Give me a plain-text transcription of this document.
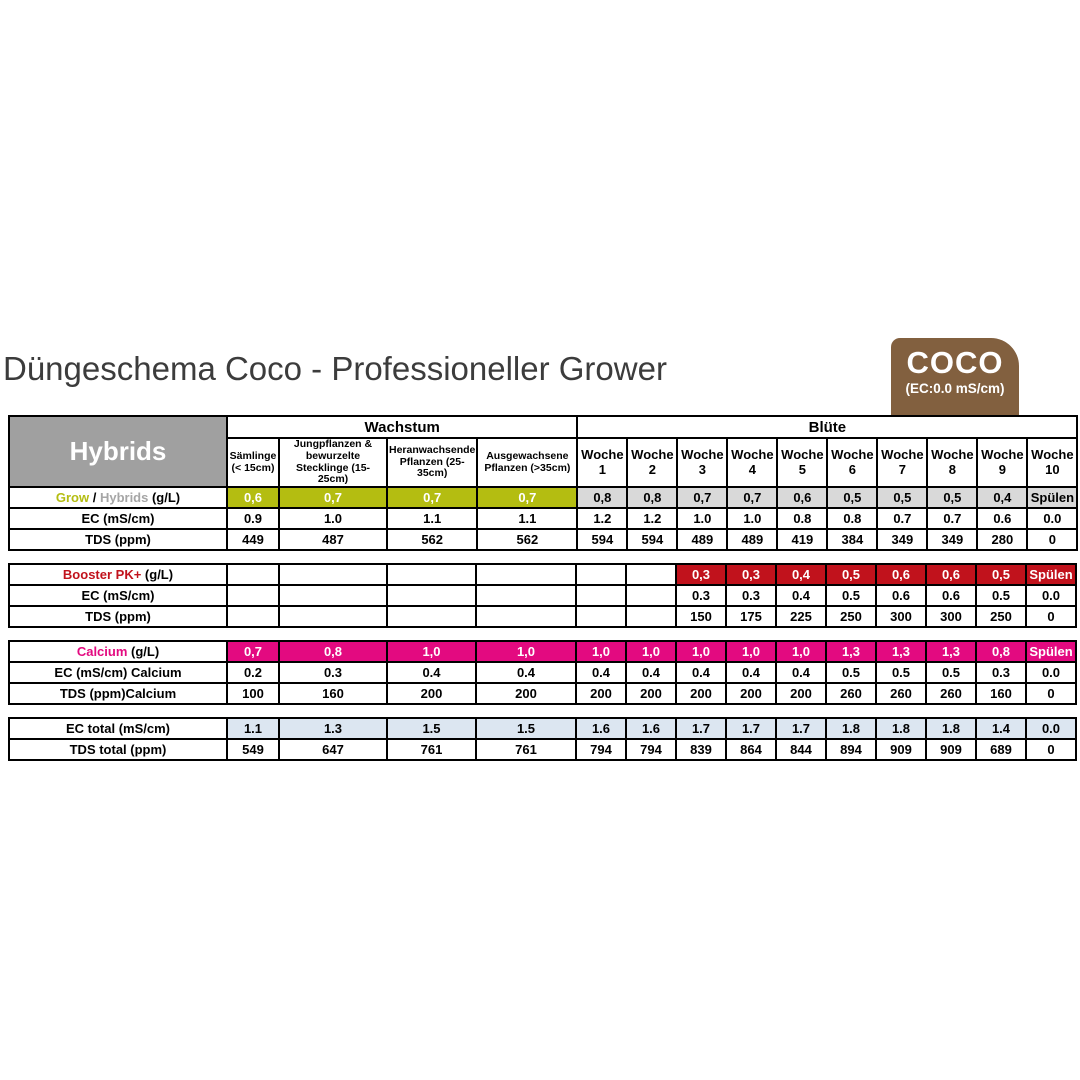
Düngeschema Coco - Professioneller Grower	COCO
(EC:0.0 mS/cm)
Hybrids	Wachstum				Blüte									
	Sämlinge (< 15cm)	Jungpflanzen & bewurzelte Stecklinge (15-25cm)	Heranwachsende Pflanzen (25-35cm)	Ausgewachsene Pflanzen (>35cm)	Woche 1	Woche 2	Woche 3	Woche 4	Woche 5	Woche 6	Woche 7	Woche 8	Woche 9	Woche 10
Grow / Hybrids (g/L)	0,6	0,7	0,7	0,7	0,8	0,8	0,7	0,7	0,6	0,5	0,5	0,5	0,4	Spülen
EC (mS/cm)	0.9	1.0	1.1	1.1	1.2	1.2	1.0	1.0	0.8	0.8	0.7	0.7	0.6	0.0
TDS (ppm)	449	487	562	562	594	594	489	489	419	384	349	349	280	0
Booster PK+ (g/L)							0,3	0,3	0,4	0,5	0,6	0,6	0,5	Spülen
EC (mS/cm)							0.3	0.3	0.4	0.5	0.6	0.6	0.5	0.0
TDS (ppm)							150	175	225	250	300	300	250	0
Calcium (g/L)	0,7	0,8	1,0	1,0	1,0	1,0	1,0	1,0	1,0	1,3	1,3	1,3	0,8	Spülen
EC (mS/cm) Calcium	0.2	0.3	0.4	0.4	0.4	0.4	0.4	0.4	0.4	0.5	0.5	0.5	0.3	0.0
TDS (ppm)Calcium	100	160	200	200	200	200	200	200	200	260	260	260	160	0
EC total (mS/cm)	1.1	1.3	1.5	1.5	1.6	1.6	1.7	1.7	1.7	1.8	1.8	1.8	1.4	0.0
TDS total (ppm)	549	647	761	761	794	794	839	864	844	894	909	909	689	0
